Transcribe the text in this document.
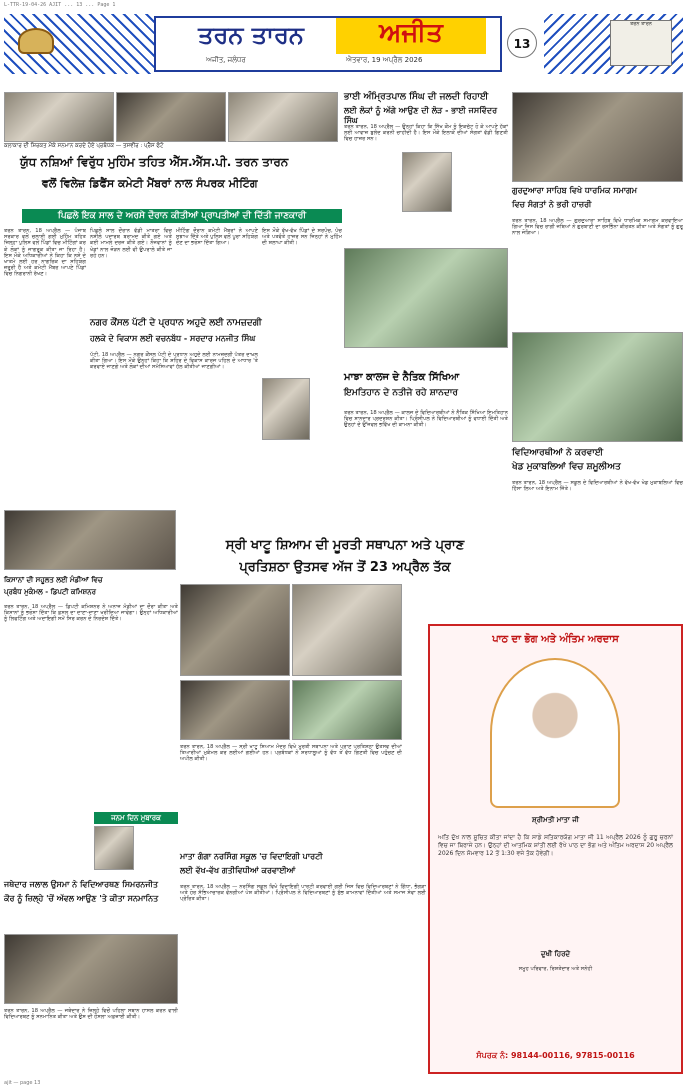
L-TTR-19-04-26 AJIT ... 13 ... Page 1
ਤਰਨ ਤਾਰਨ	ਅਜੀਤ
ਅਜੀਤ, ਜਲੰਧਰ	ਐਤਵਾਰ, 19 ਅਪ੍ਰੈਲ 2026
13
ਤਰਨ ਤਾਰਨ
ਕਲਾਕਾਰ ਦੀ ਸ਼ਿਰਕਤ ਮੌਕੇ ਸਨਮਾਨ ਕਰਦੇ ਹੋਏ ਪ੍ਰਬੰਧਕ — ਤਸਵੀਰ : ਪ੍ਰੈਸ ਫੋਟੋ
ਯੁੱਧ ਨਸ਼ਿਆਂ ਵਿਰੁੱਧ ਮੁਹਿੰਮ ਤਹਿਤ ਐੱਸ.ਐੱਸ.ਪੀ. ਤਰਨ ਤਾਰਨ
ਵਲੋਂ ਵਿਲੇਜ਼ ਡਿਫੈਂਸ ਕਮੇਟੀ ਮੈਂਬਰਾਂ ਨਾਲ ਸੰਪਰਕ ਮੀਟਿੰਗ
ਪਿਛਲੇ ਇਕ ਸਾਲ ਦੇ ਅਰਸੇ ਦੌਰਾਨ ਕੀਤੀਆਂ ਪ੍ਰਾਪਤੀਆਂ ਦੀ ਦਿੱਤੀ ਜਾਣਕਾਰੀ
ਤਰਨ ਤਾਰਨ, 18 ਅਪ੍ਰੈਲ — ਪੰਜਾਬ ਸਰਕਾਰ ਵਲੋਂ ਚਲਾਈ ਗਈ ਮੁਹਿੰਮ ਤਹਿਤ ਜ਼ਿਲ੍ਹਾ ਪੁਲਿਸ ਵਲੋਂ ਪਿੰਡਾਂ ਵਿਚ ਮੀਟਿੰਗਾਂ ਕਰ ਕੇ ਲੋਕਾਂ ਨੂੰ ਜਾਗਰੂਕ ਕੀਤਾ ਜਾ ਰਿਹਾ ਹੈ। ਇਸ ਮੌਕੇ ਅਧਿਕਾਰੀਆਂ ਨੇ ਕਿਹਾ ਕਿ ਨਸ਼ੇ ਦੇ ਖਾਤਮੇ ਲਈ ਹਰ ਨਾਗਰਿਕ ਦਾ ਸਹਿਯੋਗ ਜ਼ਰੂਰੀ ਹੈ ਅਤੇ ਕਮੇਟੀ ਮੈਂਬਰ ਆਪਣੇ ਪਿੰਡਾਂ ਵਿਚ ਨਿਗਰਾਨੀ ਰੱਖਣ।
ਪਿਛਲੇ ਸਾਲ ਦੌਰਾਨ ਵੱਡੀ ਮਾਤਰਾ ਵਿਚ ਨਸ਼ੀਲੇ ਪਦਾਰਥ ਬਰਾਮਦ ਕੀਤੇ ਗਏ ਅਤੇ ਕਈ ਮਾਮਲੇ ਦਰਜ ਕੀਤੇ ਗਏ। ਨੌਜਵਾਨਾਂ ਨੂੰ ਖੇਡਾਂ ਨਾਲ ਜੋੜਨ ਲਈ ਵੀ ਉਪਰਾਲੇ ਕੀਤੇ ਜਾ ਰਹੇ ਹਨ।
ਮੀਟਿੰਗ ਦੌਰਾਨ ਕਮੇਟੀ ਮੈਂਬਰਾਂ ਨੇ ਆਪਣੇ ਸੁਝਾਅ ਦਿੱਤੇ ਅਤੇ ਪੁਲਿਸ ਵਲੋਂ ਪੂਰਾ ਸਹਿਯੋਗ ਦੇਣ ਦਾ ਭਰੋਸਾ ਦਿੱਤਾ ਗਿਆ।
ਇਸ ਮੌਕੇ ਵੱਖ-ਵੱਖ ਪਿੰਡਾਂ ਦੇ ਸਰਪੰਚ, ਪੰਚ ਅਤੇ ਪਤਵੰਤੇ ਹਾਜ਼ਰ ਸਨ ਜਿਨ੍ਹਾਂ ਨੇ ਮੁਹਿੰਮ ਦੀ ਸ਼ਲਾਘਾ ਕੀਤੀ।
ਨਗਰ ਕੌਂਸਲ ਪੱਟੀ ਦੇ ਪ੍ਰਧਾਨ ਅਹੁਦੇ ਲਈ ਨਾਮਜ਼ਦਗੀ
ਹਲਕੇ ਦੇ ਵਿਕਾਸ ਲਈ ਵਚਨਬੱਧ - ਸਰਦਾਰ ਮਨਜੀਤ ਸਿੰਘ
ਪੱਟੀ, 18 ਅਪ੍ਰੈਲ — ਨਗਰ ਕੌਂਸਲ ਪੱਟੀ ਦੇ ਪ੍ਰਧਾਨ ਅਹੁਦੇ ਲਈ ਨਾਮਜ਼ਦਗੀ ਪੱਤਰ ਦਾਖ਼ਲ ਕੀਤਾ ਗਿਆ। ਇਸ ਮੌਕੇ ਉਨ੍ਹਾਂ ਕਿਹਾ ਕਿ ਸ਼ਹਿਰ ਦੇ ਵਿਕਾਸ ਕਾਰਜ ਪਹਿਲ ਦੇ ਆਧਾਰ 'ਤੇ ਕਰਵਾਏ ਜਾਣਗੇ ਅਤੇ ਲੋਕਾਂ ਦੀਆਂ ਸਮੱਸਿਆਵਾਂ ਹੱਲ ਕੀਤੀਆਂ ਜਾਣਗੀਆਂ।
ਭਾਈ ਅੰਮ੍ਰਿਤਪਾਲ ਸਿੰਘ ਦੀ ਜਲਦੀ ਰਿਹਾਈ
ਲਈ ਲੋਕਾਂ ਨੂੰ ਅੱਗੇ ਆਉਣ ਦੀ ਲੋੜ - ਭਾਈ ਜਸਵਿੰਦਰ ਸਿੰਘ
ਤਰਨ ਤਾਰਨ, 18 ਅਪ੍ਰੈਲ — ਉਨ੍ਹਾਂ ਕਿਹਾ ਕਿ ਸਿੱਖ ਕੌਮ ਨੂੰ ਇਕਜੁੱਟ ਹੋ ਕੇ ਆਪਣੇ ਹੱਕਾਂ ਲਈ ਆਵਾਜ਼ ਬੁਲੰਦ ਕਰਨੀ ਚਾਹੀਦੀ ਹੈ। ਇਸ ਮੌਕੇ ਇਲਾਕੇ ਦੀਆਂ ਸੰਗਤਾਂ ਵੱਡੀ ਗਿਣਤੀ ਵਿਚ ਹਾਜ਼ਰ ਸਨ।
ਮਾਝਾ ਕਾਲਜ ਦੇ ਨੈਤਿਕ ਸਿੱਖਿਆ
ਇਮਤਿਹਾਨ ਦੇ ਨਤੀਜੇ ਰਹੇ ਸ਼ਾਨਦਾਰ
ਤਰਨ ਤਾਰਨ, 18 ਅਪ੍ਰੈਲ — ਕਾਲਜ ਦੇ ਵਿਦਿਆਰਥੀਆਂ ਨੇ ਨੈਤਿਕ ਸਿੱਖਿਆ ਇਮਤਿਹਾਨ ਵਿਚ ਸ਼ਾਨਦਾਰ ਪ੍ਰਦਰਸ਼ਨ ਕੀਤਾ। ਪ੍ਰਿੰਸੀਪਲ ਨੇ ਵਿਦਿਆਰਥੀਆਂ ਨੂੰ ਵਧਾਈ ਦਿੱਤੀ ਅਤੇ ਉਨ੍ਹਾਂ ਦੇ ਉੱਜਵਲ ਭਵਿੱਖ ਦੀ ਕਾਮਨਾ ਕੀਤੀ।
ਗੁਰਦੁਆਰਾ ਸਾਹਿਬ ਵਿਖੇ ਧਾਰਮਿਕ ਸਮਾਗਮ
ਵਿਚ ਸੰਗਤਾਂ ਨੇ ਭਰੀ ਹਾਜ਼ਰੀ
ਤਰਨ ਤਾਰਨ, 18 ਅਪ੍ਰੈਲ — ਗੁਰਦੁਆਰਾ ਸਾਹਿਬ ਵਿਖੇ ਧਾਰਮਿਕ ਸਮਾਗਮ ਕਰਵਾਇਆ ਗਿਆ ਜਿਸ ਵਿਚ ਰਾਗੀ ਜਥਿਆਂ ਨੇ ਗੁਰਬਾਣੀ ਦਾ ਰਸਭਿੰਨਾ ਕੀਰਤਨ ਕੀਤਾ ਅਤੇ ਸੰਗਤਾਂ ਨੂੰ ਗੁਰੂ ਨਾਲ ਜੋੜਿਆ।
ਵਿਦਿਆਰਥੀਆਂ ਨੇ ਕਰਵਾਈ
ਖੇਡ ਮੁਕਾਬਲਿਆਂ ਵਿਚ ਸ਼ਮੂਲੀਅਤ
ਤਰਨ ਤਾਰਨ, 18 ਅਪ੍ਰੈਲ — ਸਕੂਲ ਦੇ ਵਿਦਿਆਰਥੀਆਂ ਨੇ ਵੱਖ-ਵੱਖ ਖੇਡ ਮੁਕਾਬਲਿਆਂ ਵਿਚ ਹਿੱਸਾ ਲਿਆ ਅਤੇ ਇਨਾਮ ਜਿੱਤੇ।
ਸ੍ਰੀ ਖਾਟੂ ਸ਼ਿਆਮ ਦੀ ਮੂਰਤੀ ਸਥਾਪਨਾ ਅਤੇ ਪ੍ਰਾਣ
ਪ੍ਰਤਿਸ਼ਠਾ ਉਤਸਵ ਅੱਜ ਤੋਂ 23 ਅਪ੍ਰੈਲ ਤੱਕ
ਕਿਸਾਨਾਂ ਦੀ ਸਹੂਲਤ ਲਈ ਮੰਡੀਆਂ ਵਿਚ
ਪ੍ਰਬੰਧ ਮੁਕੰਮਲ - ਡਿਪਟੀ ਕਮਿਸ਼ਨਰ
ਤਰਨ ਤਾਰਨ, 18 ਅਪ੍ਰੈਲ — ਡਿਪਟੀ ਕਮਿਸ਼ਨਰ ਨੇ ਅਨਾਜ ਮੰਡੀਆਂ ਦਾ ਦੌਰਾ ਕੀਤਾ ਅਤੇ ਕਿਸਾਨਾਂ ਨੂੰ ਭਰੋਸਾ ਦਿੱਤਾ ਕਿ ਫ਼ਸਲ ਦਾ ਦਾਣਾ-ਦਾਣਾ ਖਰੀਦਿਆ ਜਾਵੇਗਾ। ਉਨ੍ਹਾਂ ਅਧਿਕਾਰੀਆਂ ਨੂੰ ਲਿਫਟਿੰਗ ਅਤੇ ਅਦਾਇਗੀ ਸਮੇਂ ਸਿਰ ਕਰਨ ਦੇ ਨਿਰਦੇਸ਼ ਦਿੱਤੇ।
ਜਨਮ ਦਿਨ ਮੁਬਾਰਕ
ਤਰਨ ਤਾਰਨ, 18 ਅਪ੍ਰੈਲ — ਸ੍ਰੀ ਖਾਟੂ ਸ਼ਿਆਮ ਮੰਦਰ ਵਿਖੇ ਮੂਰਤੀ ਸਥਾਪਨਾ ਅਤੇ ਪ੍ਰਾਣ ਪ੍ਰਤਿਸ਼ਠਾ ਉਤਸਵ ਦੀਆਂ ਤਿਆਰੀਆਂ ਮੁਕੰਮਲ ਕਰ ਲਈਆਂ ਗਈਆਂ ਹਨ। ਪ੍ਰਬੰਧਕਾਂ ਨੇ ਸ਼ਰਧਾਲੂਆਂ ਨੂੰ ਵੱਧ ਤੋਂ ਵੱਧ ਗਿਣਤੀ ਵਿਚ ਪਹੁੰਚਣ ਦੀ ਅਪੀਲ ਕੀਤੀ।
ਜਥੇਦਾਰ ਜਲਾਲ ਉਸਮਾ ਨੇ ਵਿਦਿਆਰਥਣ ਸਿਮਰਨਜੀਤ
ਕੌਰ ਨੂੰ ਜ਼ਿਲ੍ਹੇ 'ਚੋਂ ਅੱਵਲ ਆਉਣ 'ਤੇ ਕੀਤਾ ਸਨਮਾਨਿਤ
ਤਰਨ ਤਾਰਨ, 18 ਅਪ੍ਰੈਲ — ਜਥੇਦਾਰ ਨੇ ਜ਼ਿਲ੍ਹੇ ਵਿਚੋਂ ਪਹਿਲਾ ਸਥਾਨ ਹਾਸਲ ਕਰਨ ਵਾਲੀ ਵਿਦਿਆਰਥਣ ਨੂੰ ਸਨਮਾਨਿਤ ਕੀਤਾ ਅਤੇ ਉਸ ਦੀ ਹੌਸਲਾ ਅਫ਼ਜ਼ਾਈ ਕੀਤੀ।
ਮਾਤਾ ਗੰਗਾ ਨਰਸਿੰਗ ਸਕੂਲ 'ਚ ਵਿਦਾਇਗੀ ਪਾਰਟੀ
ਲਈ ਵੱਖ-ਵੱਖ ਗਤੀਵਿਧੀਆਂ ਕਰਵਾਈਆਂ
ਤਰਨ ਤਾਰਨ, 18 ਅਪ੍ਰੈਲ — ਨਰਸਿੰਗ ਸਕੂਲ ਵਿਖੇ ਵਿਦਾਇਗੀ ਪਾਰਟੀ ਕਰਵਾਈ ਗਈ ਜਿਸ ਵਿਚ ਵਿਦਿਆਰਥਣਾਂ ਨੇ ਗਿੱਧਾ, ਭੰਗੜਾ ਅਤੇ ਹੋਰ ਸੱਭਿਆਚਾਰਕ ਵੰਨਗੀਆਂ ਪੇਸ਼ ਕੀਤੀਆਂ। ਪ੍ਰਿੰਸੀਪਲ ਨੇ ਵਿਦਿਆਰਥਣਾਂ ਨੂੰ ਸ਼ੁੱਭ ਕਾਮਨਾਵਾਂ ਦਿੱਤੀਆਂ ਅਤੇ ਸਮਾਜ ਸੇਵਾ ਲਈ ਪ੍ਰੇਰਿਤ ਕੀਤਾ।
ਪਾਠ ਦਾ ਭੋਗ ਅਤੇ ਅੰਤਿਮ ਅਰਦਾਸ
ਸ਼੍ਰੀਮਤੀ ਮਾਤਾ ਜੀ
ਅਤਿ ਦੁੱਖ ਨਾਲ ਸੂਚਿਤ ਕੀਤਾ ਜਾਂਦਾ ਹੈ ਕਿ ਸਾਡੇ ਸਤਿਕਾਰਯੋਗ ਮਾਤਾ ਜੀ 11 ਅਪ੍ਰੈਲ 2026 ਨੂੰ ਗੁਰੂ ਚਰਨਾਂ ਵਿਚ ਜਾ ਬਿਰਾਜੇ ਹਨ। ਉਨ੍ਹਾਂ ਦੀ ਆਤਮਿਕ ਸ਼ਾਂਤੀ ਲਈ ਰੱਖੇ ਪਾਠ ਦਾ ਭੋਗ ਅਤੇ ਅੰਤਿਮ ਅਰਦਾਸ 20 ਅਪ੍ਰੈਲ 2026 ਦਿਨ ਸੋਮਵਾਰ 12 ਤੋਂ 1:30 ਵਜੇ ਤੱਕ ਹੋਵੇਗੀ।
ਦੁਖੀ ਹਿਰਦੇ
ਸਮੂਹ ਪਰਿਵਾਰ, ਰਿਸ਼ਤੇਦਾਰ ਅਤੇ ਸਨੇਹੀ
ਸੰਪਰਕ ਨੰ: 98144-00116, 97815-00116
ajit — page 13
